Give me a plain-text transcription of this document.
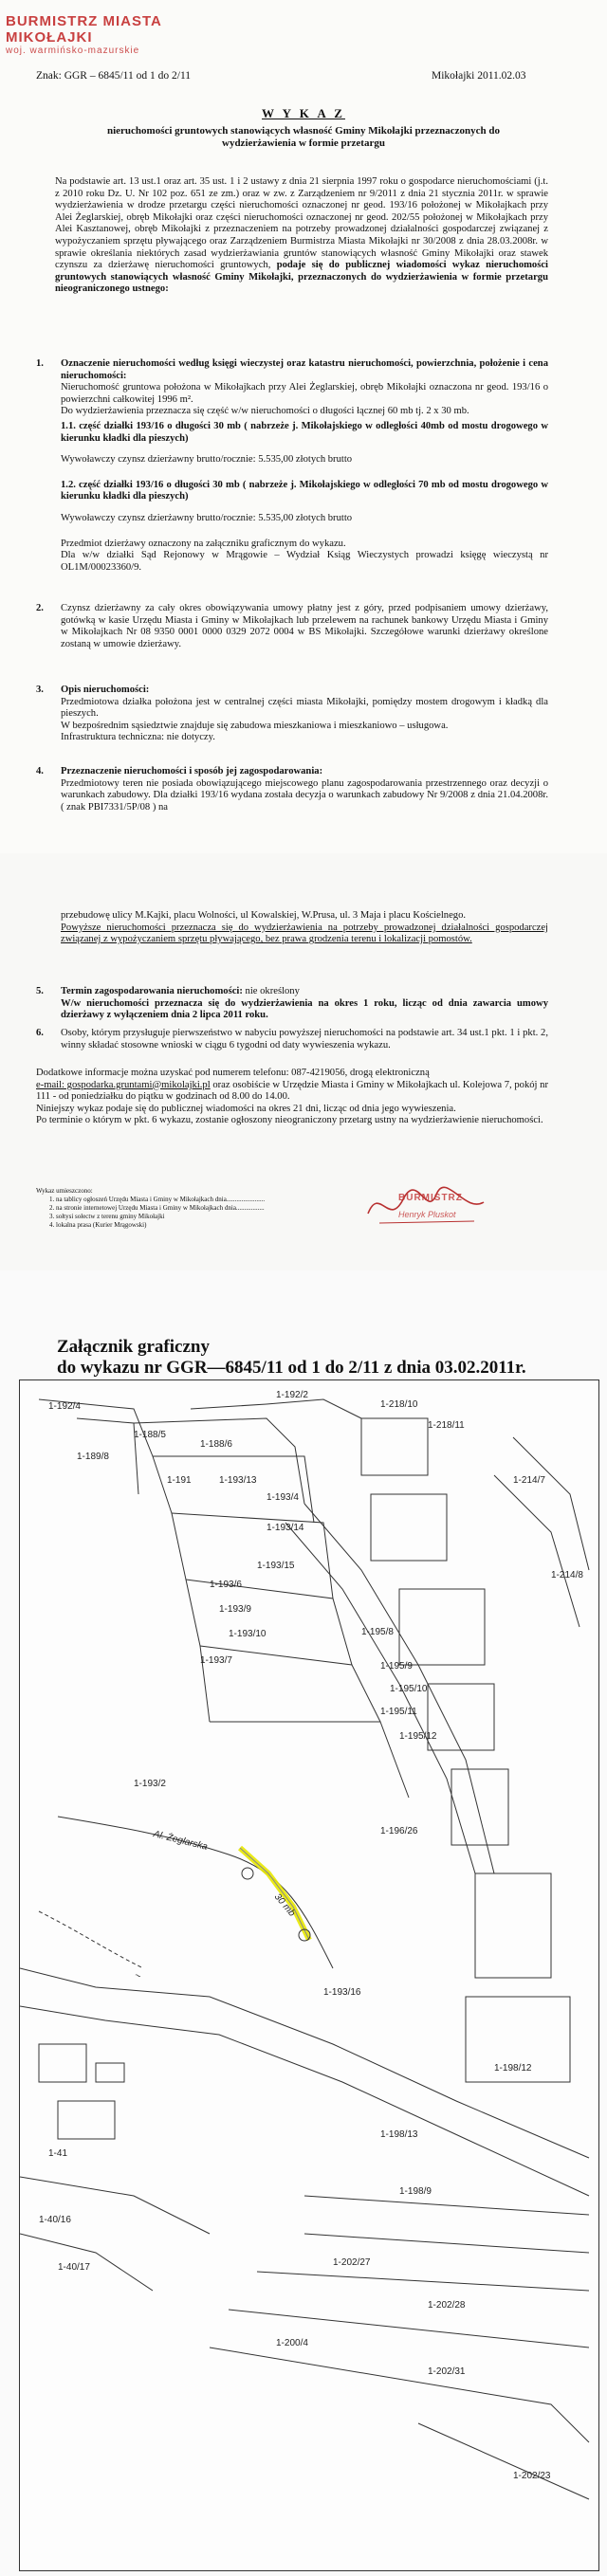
BURMISTRZ MIASTA MIKOŁAJKI
woj. warmińsko-mazurskie
Znak: GGR – 6845/11 od 1 do 2/11	Mikołajki 2011.02.03
W Y K A Z
nieruchomości gruntowych stanowiących własność Gminy Mikołajki przeznaczonych do wydzierżawienia w formie przetargu
Na podstawie art. 13 ust.1 oraz art. 35 ust. 1 i 2 ustawy z dnia 21 sierpnia 1997 roku o gospodarce nieruchomościami (j.t. z 2010 roku Dz. U. Nr 102 poz. 651 ze zm.) oraz w zw. z Zarządzeniem nr 9/2011 z dnia 21 stycznia 2011r. w sprawie wydzierżawienia w drodze przetargu części nieruchomości oznaczonej nr geod. 193/16 położonej w Mikołajkach przy Alei Żeglarskiej, obręb Mikołajki oraz części nieruchomości oznaczonej nr geod. 202/55 położonej w Mikołajkach przy Alei Kasztanowej, obręb Mikołajki z przeznaczeniem na potrzeby prowadzonej działalności gospodarczej związanej z wypożyczaniem sprzętu pływającego oraz Zarządzeniem Burmistrza Miasta Mikołajki nr 30/2008 z dnia 28.03.2008r. w sprawie określania niektórych zasad wydzierżawiania gruntów stanowiących własność Gminy Mikołajki oraz stawek czynszu za dzierżawę nieruchomości gruntowych, podaje się do publicznej wiadomości wykaz nieruchomości gruntowych stanowiących własność Gminy Mikołajki, przeznaczonych do wydzierżawienia w formie przetargu nieograniczonego ustnego:
1.	Oznaczenie nieruchomości według księgi wieczystej oraz katastru nieruchomości, powierzchnia, położenie i cena nieruchomości:
Nieruchomość gruntowa położona w Mikołajkach przy Alei Żeglarskiej, obręb Mikołajki oznaczona nr geod. 193/16 o powierzchni całkowitej 1996 m².
Do wydzierżawienia przeznacza się część w/w nieruchomości o długości łącznej 60 mb tj. 2 x 30 mb.
1.1. część działki 193/16 o długości 30 mb ( nabrzeże j. Mikołajskiego w odległości 40mb od mostu drogowego w kierunku kładki dla pieszych)
Wywoławczy czynsz dzierżawny brutto/rocznie: 5.535,00 złotych brutto
1.2. część działki 193/16 o długości 30 mb ( nabrzeże j. Mikołajskiego w odległości 70 mb od mostu drogowego w kierunku kładki dla pieszych)
Wywoławczy czynsz dzierżawny brutto/rocznie: 5.535,00 złotych brutto
Przedmiot dzierżawy oznaczony na załączniku graficznym do wykazu.
Dla w/w działki Sąd Rejonowy w Mrągowie – Wydział Ksiąg Wieczystych prowadzi księgę wieczystą nr OL1M/00023360/9.
2.	Czynsz dzierżawny za cały okres obowiązywania umowy płatny jest z góry, przed podpisaniem umowy dzierżawy, gotówką w kasie Urzędu Miasta i Gminy w Mikołajkach lub przelewem na rachunek bankowy Urzędu Miasta i Gminy w Mikołajkach Nr 08 9350 0001 0000 0329 2072 0004 w BS Mikołajki. Szczegółowe warunki dzierżawy określone zostaną w umowie dzierżawy.
3.	Opis nieruchomości:
Przedmiotowa działka położona jest w centralnej części miasta Mikołajki, pomiędzy mostem drogowym i kładką dla pieszych.
W bezpośrednim sąsiedztwie znajduje się zabudowa mieszkaniowa i mieszkaniowo – usługowa.
Infrastruktura techniczna: nie dotyczy.
4.	Przeznaczenie nieruchomości i sposób jej zagospodarowania:
Przedmiotowy teren nie posiada obowiązującego miejscowego planu zagospodarowania przestrzennego oraz decyzji o warunkach zabudowy. Dla działki 193/16 wydana została decyzja o warunkach zabudowy Nr 9/2008 z dnia 21.04.2008r. ( znak PBI7331/5P/08 ) na
przebudowę ulicy M.Kajki, placu Wolności, ul Kowalskiej, W.Prusa, ul. 3 Maja i placu Kościelnego.
Powyższe nieruchomości przeznacza się do wydzierżawienia na potrzeby prowadzonej działalności gospodarczej związanej z wypożyczaniem sprzętu pływającego, bez prawa grodzenia terenu i lokalizacji pomostów.
5.	Termin zagospodarowania nieruchomości: nie określony
W/w nieruchomości przeznacza się do wydzierżawienia na okres 1 roku, licząc od dnia zawarcia umowy dzierżawy z wyłączeniem dnia 2 lipca 2011 roku.
6.	Osoby, którym przysługuje pierwszeństwo w nabyciu powyższej nieruchomości na podstawie art. 34 ust.1 pkt. 1 i pkt. 2, winny składać stosowne wnioski w ciągu 6 tygodni od daty wywieszenia wykazu.
Dodatkowe informacje można uzyskać pod numerem telefonu: 087-4219056, drogą elektroniczną
e-mail: gospodarka.gruntami@mikolajki.pl oraz osobiście w Urzędzie Miasta i Gminy w Mikołajkach ul. Kolejowa 7, pokój nr 111 - od poniedziałku do piątku w godzinach od 8.00 do 14.00.
Niniejszy wykaz podaje się do publicznej wiadomości na okres 21 dni, licząc od dnia jego wywieszenia.
Po terminie o którym w pkt. 6 wykazu, zostanie ogłoszony nieograniczony przetarg ustny na wydzierżawienie nieruchomości.
Wykaz umieszczono:
1. na tablicy ogłoszeń Urzędu Miasta i Gminy w Mikołajkach dnia.......................
2. na stronie internetowej Urzędu Miasta i Gminy w Mikołajkach dnia.................
3. sołtysi sołectw z terenu gminy Mikołajki
4. lokalna prasa (Kurier Mrągowski)
BURMISTRZ
Henryk Pluskot
Załącznik graficzny
do wykazu nr GGR—6845/11 od 1 do 2/11 z dnia 03.02.2011r.
~
1-192/4
1-192/2
1-218/10
1-218/11
1-188/5
1-188/6
1-189/8
1-191	1-193/13
1-193/4
1-193/14
1-193/15
1-193/6
1-193/9
1-193/10
1-193/7
1-195/8
1-195/9
1-195/10
1-195/11
1-195/12
1-196/26
1-193/2
1-193/16
1-198/12
1-198/13
1-198/9
1-202/27
1-202/28
1-200/4
1-202/31
1-202/23
1-214/7
1-214/8
1-41
1-40/16
1-40/17
Al. Żeglarska
30 mb
